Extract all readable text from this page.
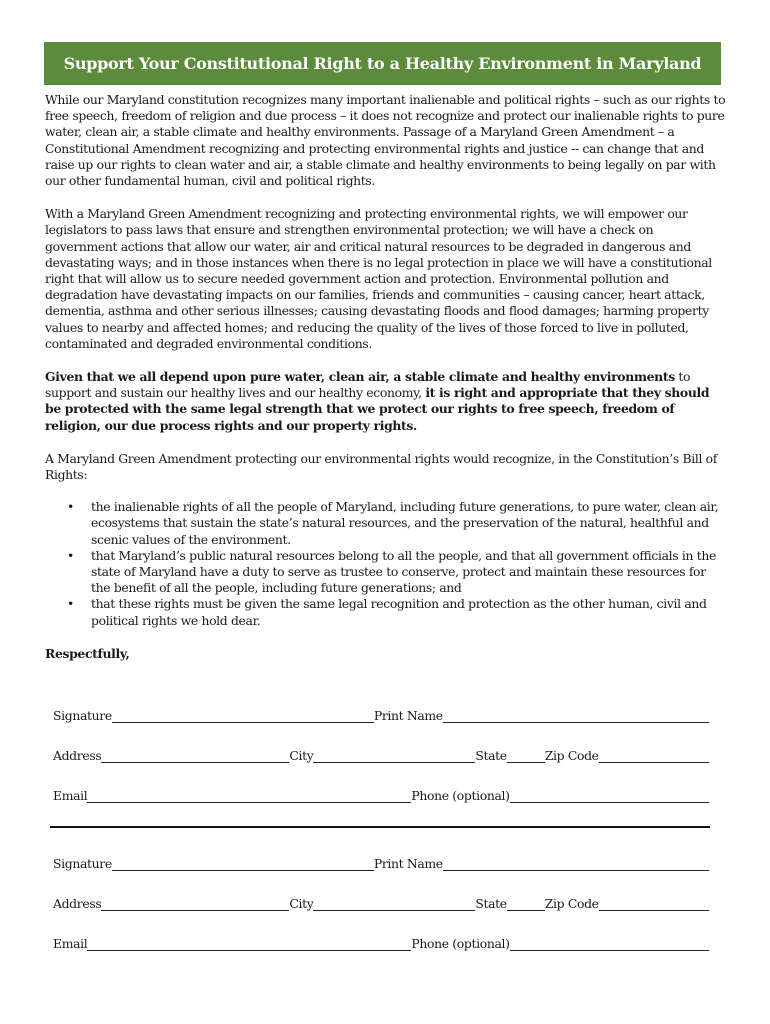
Support Your Constitutional Right to a Healthy Environment in Maryland

While our Maryland constitution recognizes many important inalienable and political rights – such as our rights to free speech, freedom of religion and due process – it does not recognize and protect our inalienable rights to pure water, clean air, a stable climate and healthy environments. Passage of a Maryland Green Amendment – a Constitutional Amendment recognizing and protecting environmental rights and justice -- can change that and raise up our rights to clean water and air, a stable climate and healthy environments to being legally on par with our other fundamental human, civil and political rights.

With a Maryland Green Amendment recognizing and protecting environmental rights, we will empower our legislators to pass laws that ensure and strengthen environmental protection; we will have a check on government actions that allow our water, air and critical natural resources to be degraded in dangerous and devastating ways; and in those instances when there is no legal protection in place we will have a constitutional right that will allow us to secure needed government action and protection. Environmental pollution and degradation have devastating impacts on our families, friends and communities – causing cancer, heart attack, dementia, asthma and other serious illnesses; causing devastating floods and flood damages; harming property values to nearby and affected homes; and reducing the quality of the lives of those forced to live in polluted, contaminated and degraded environmental conditions.

Given that we all depend upon pure water, clean air, a stable climate and healthy environments to support and sustain our healthy lives and our healthy economy, it is right and appropriate that they should be protected with the same legal strength that we protect our rights to free speech, freedom of religion, our due process rights and our property rights.

A Maryland Green Amendment protecting our environmental rights would recognize, in the Constitution’s Bill of Rights:

• the inalienable rights of all the people of Maryland, including future generations, to pure water, clean air, ecosystems that sustain the state’s natural resources, and the preservation of the natural, healthful and scenic values of the environment.
• that Maryland’s public natural resources belong to all the people, and that all government officials in the state of Maryland have a duty to serve as trustee to conserve, protect and maintain these resources for the benefit of all the people, including future generations; and
• that these rights must be given the same legal recognition and protection as the other human, civil and political rights we hold dear.
Respectfully,
Signature	Print Name
Address	City	State	Zip Code
Email	Phone (optional)
Signature	Print Name
Address	City	State	Zip Code
Email	Phone (optional)
